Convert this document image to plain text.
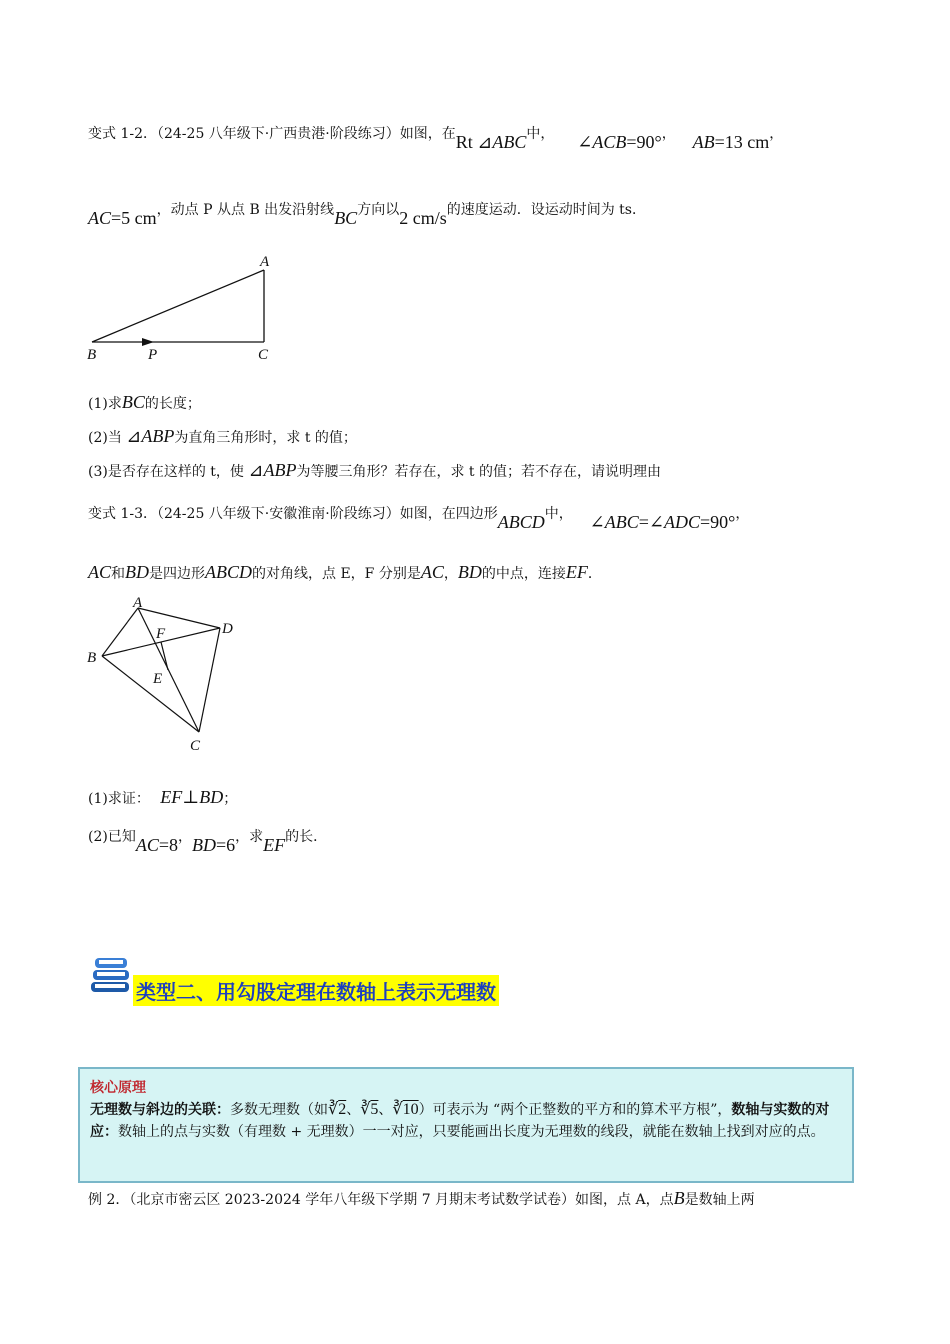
变式 1-2．（24-25 八年级下·广西贵港·阶段练习）如图，在Rt ⊿ABC中， ∠ACB=90°， AB=13 cm，
AC=5 cm，动点 P 从点 B 出发沿射线BC方向以2 cm/s的速度运动．设运动时间为 ts．
A
B	P	C
(1)求BC的长度；
(2)当 ⊿ABP为直角三角形时，求 t 的值；
(3)是否存在这样的 t，使 ⊿ABP为等腰三角形？若存在，求 t 的值；若不存在，请说明理由
变式 1-3．（24-25 八年级下·安徽淮南·阶段练习）如图，在四边形ABCD中， ∠ABC=∠ADC=90°，
AC和BD是四边形ABCD的对角线，点 E，F 分别是AC，BD的中点，连接EF．
A
B
C
D
E
F
(1)求证： EF⊥BD；
(2)已知AC=8，BD=6，求EF的长．
类型二、用勾股定理在数轴上表示无理数
核心原理
无理数与斜边的关联：多数无理数（如∛2、∛5、∛10）可表示为 “两个正整数的平方和的算术平方根”，数轴与实数的对应：数轴上的点与实数（有理数 + 无理数）一一对应，只要能画出长度为无理数的线段，就能在数轴上找到对应的点。
例 2．（北京市密云区 2023-2024 学年八年级下学期 7 月期末考试数学试卷）如图，点 A，点B是数轴上两
